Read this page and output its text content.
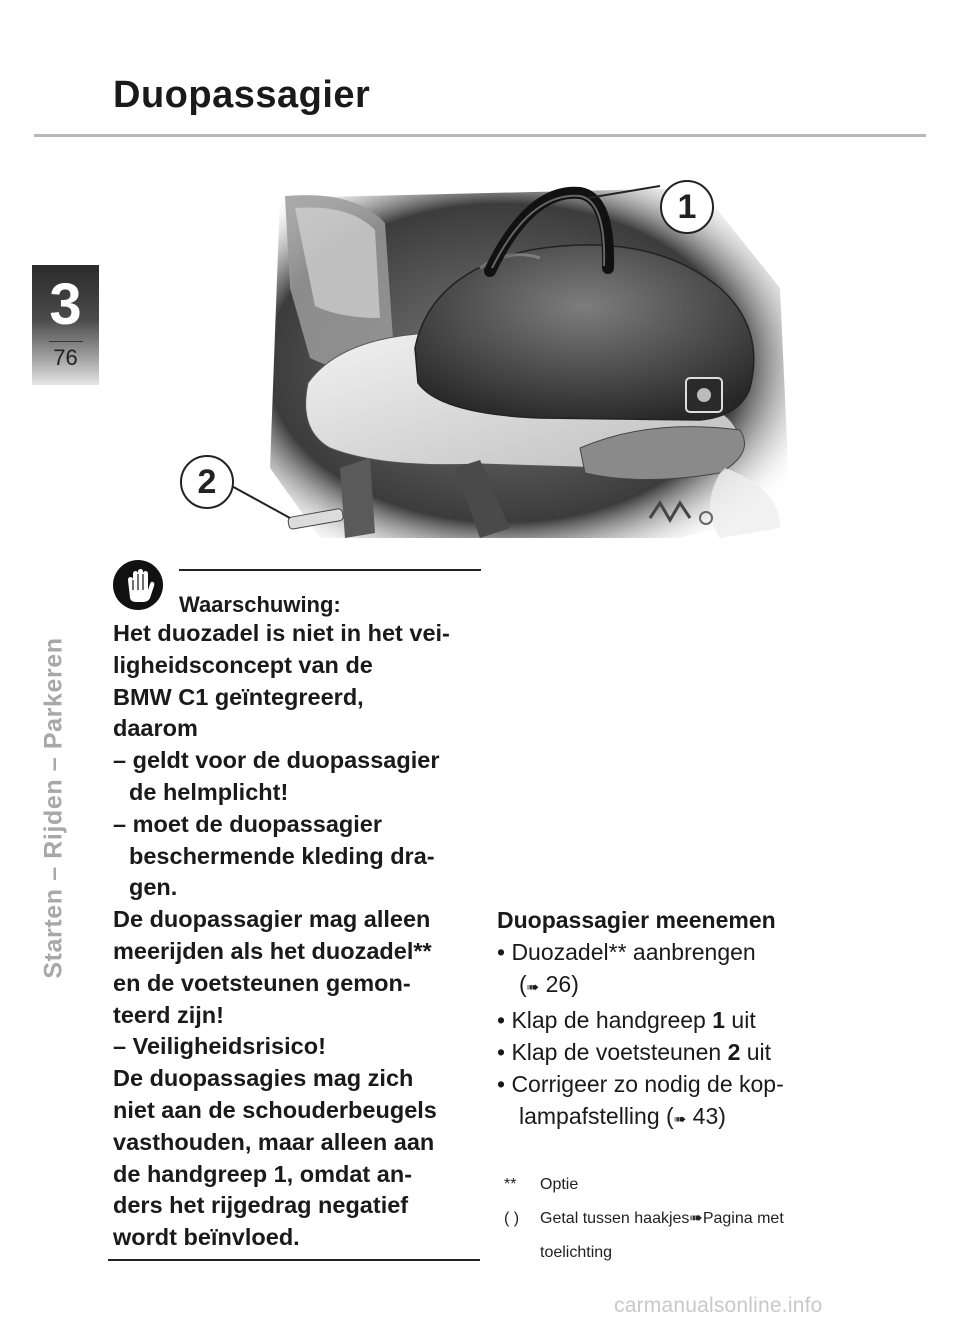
Duopassagier
3
76
Starten – Rijden – Parkeren
1
2
Waarschuwing:
Het duozadel is niet in het vei-
ligheidsconcept van de
BMW C1 geïntegreerd,
daarom
– geldt voor de duopassagier
de helmplicht!
– moet de duopassagier
beschermende kleding dra-
gen.
De duopassagier mag alleen
meerijden als het duozadel**
en de voetsteunen gemon-
teerd zijn!
– Veiligheidsrisico!
De duopassagies mag zich
niet aan de schouderbeugels
vasthouden, maar alleen aan
de handgreep 1, omdat an-
ders het rijgedrag negatief
wordt beïnvloed.
Duopassagier meenemen
• Duozadel** aanbrengen
(➠ 26)
• Klap de handgreep 1 uit
• Klap de voetsteunen 2 uit
• Corrigeer zo nodig de kop-
lampafstelling (➠ 43)
**	Optie
( )	Getal tussen haakjes➠Pagina met
toelichting
carmanualsonline.info
